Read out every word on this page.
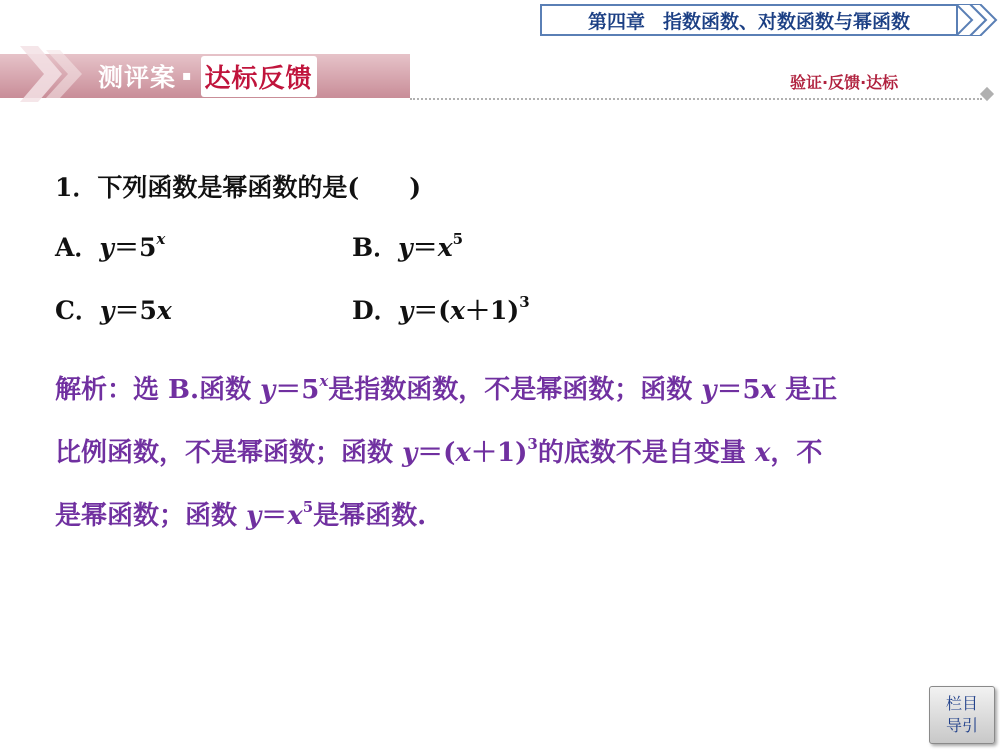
第四章 指数函数、对数函数与幂函数
测评案 ▪ 达标反馈	验证·反馈·达标
1．下列函数是幂函数的是(　　)
A．$y=5^x$	B．$y=x^5$
C．y＝5x	D．$y=(x+1)^3$
解析：选 B.函数 $y=5^x$是指数函数，不是幂函数；函数 y＝5x 是正
比例函数，不是幂函数；函数 $y=(x+1)^3$的底数不是自变量 x，不
是幂函数；函数 $y=x^5$是幂函数.
栏目
导引
